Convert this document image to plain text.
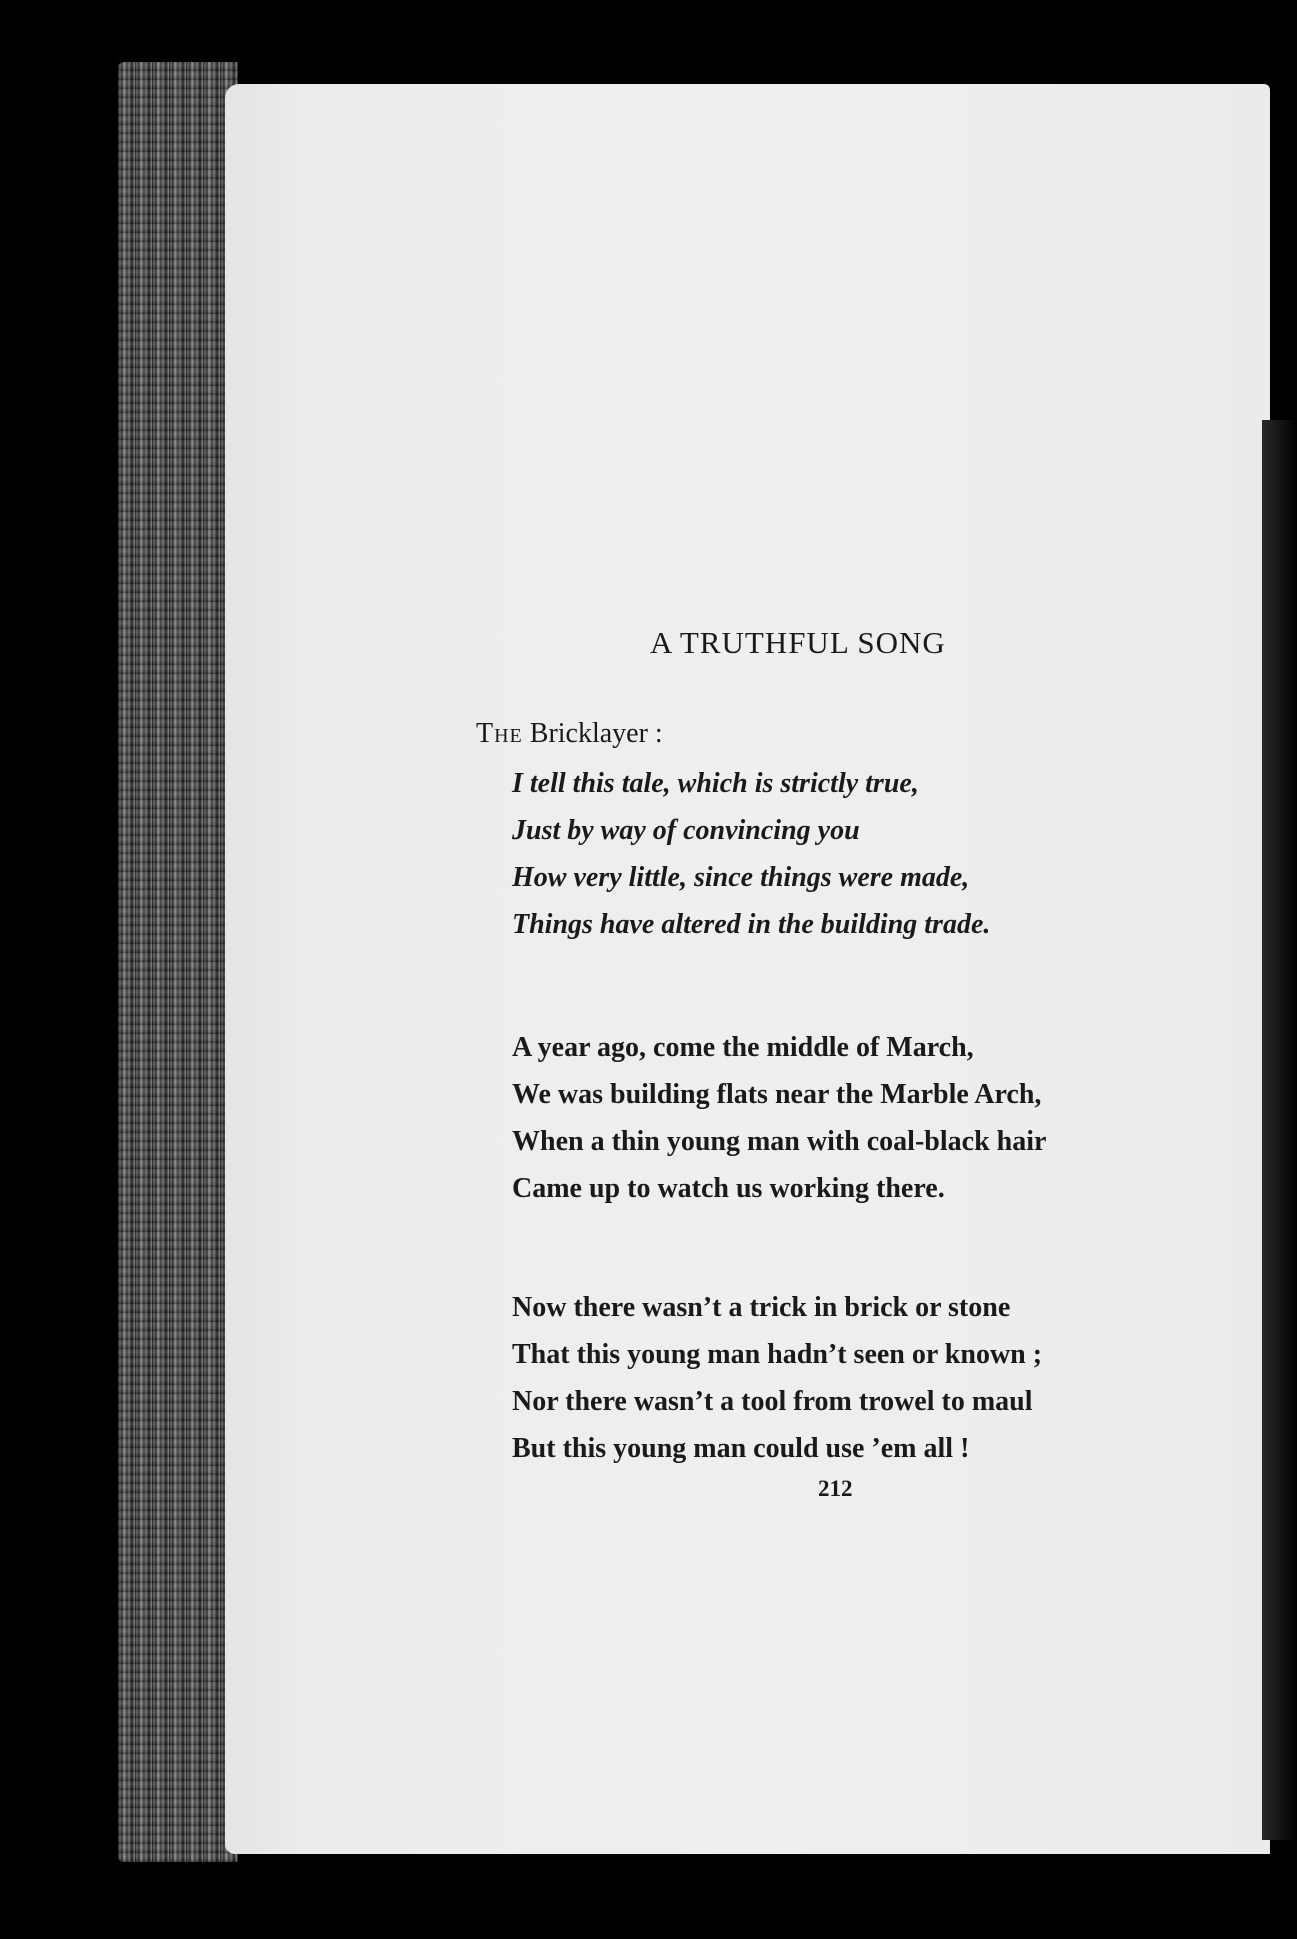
A TRUTHFUL SONG

The Bricklayer :

I tell this tale, which is strictly true,
Just by way of convincing you
How very little, since things were made,
Things have altered in the building trade.
A year ago, come the middle of March,
We was building flats near the Marble Arch,
When a thin young man with coal-black hair
Came up to watch us working there.
Now there wasn’t a trick in brick or stone
That this young man hadn’t seen or known ;
Nor there wasn’t a tool from trowel to maul
But this young man could use ’em all !

212
